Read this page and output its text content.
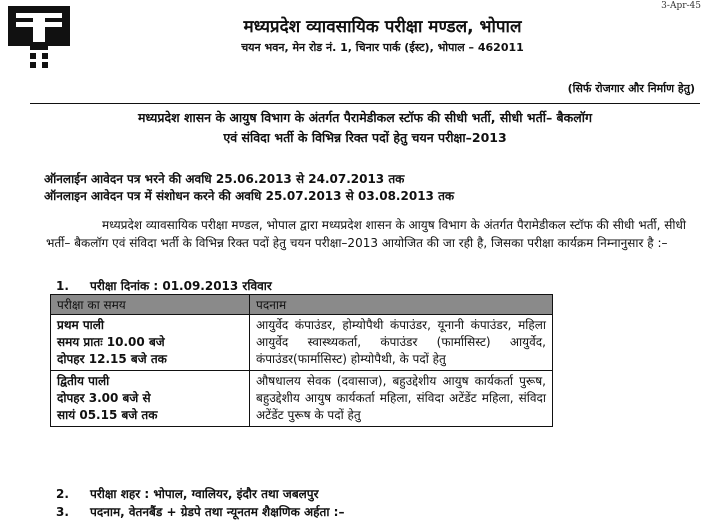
3-Apr-45
मध्यप्रदेश व्यावसायिक परीक्षा मण्डल, भोपाल
चयन भवन, मेन रोड नं. 1, चिनार पार्क (ईस्ट), भोपाल – 462011
(सिर्फ रोजगार और निर्माण हेतु)
मध्यप्रदेश शासन के आयुष विभाग के अंतर्गत पैरामेडीकल स्टॉफ की सीधी भर्ती, सीधी भर्ती– बैकलॉग
एवं संविदा भर्ती के विभिन्न रिक्त पदों हेतु चयन परीक्षा–2013
ऑनलाईन आवेदन पत्र भरने की अवधि 25.06.2013 से 24.07.2013 तक
ऑनलाइन आवेदन पत्र में संशोधन करने की अवधि 25.07.2013 से 03.08.2013 तक
मध्यप्रदेश व्यावसायिक परीक्षा मण्डल, भोपाल द्वारा मध्यप्रदेश शासन के आयुष विभाग के अंतर्गत पैरामेडीकल स्टॉफ की सीधी भर्ती, सीधी भर्ती– बैकलॉग एवं संविदा भर्ती के विभिन्न रिक्त पदों हेतु चयन परीक्षा–2013 आयोजित की जा रही है, जिसका परीक्षा कार्यक्रम निम्नानुसार है :–
1. परीक्षा दिनांक : 01.09.2013 रविवार
परीक्षा का समय	पदनाम

प्रथम पाली
समय प्रातः 10.00 बजे
दोपहर 12.15 बजे तक	आयुर्वेद कंपाउंडर, होम्योपैथी कंपाउंडर, यूनानी कंपाउंडर, महिला आयुर्वेद स्वास्थ्यकर्ता, कंपाउंडर (फार्मासिस्ट) आयुर्वेद, कंपाउंडर(फार्मासिस्ट) होम्योपैथी, के पदों हेतु

द्वितीय पाली
दोपहर 3.00 बजे से
सायं 05.15 बजे तक	औषधालय सेवक (दवासाज), बहुउद्देशीय आयुष कार्यकर्ता पुरूष, बहुउद्देशीय आयुष कार्यकर्ता महिला, संविदा अटेंडेंट महिला, संविदा अटेंडेंट पुरूष के पदों हेतु
2. परीक्षा शहर : भोपाल, ग्वालियर, इंदौर तथा जबलपुर
3. पदनाम, वेतनबैंड + ग्रेडपे तथा न्यूनतम शैक्षणिक अर्हता :–
